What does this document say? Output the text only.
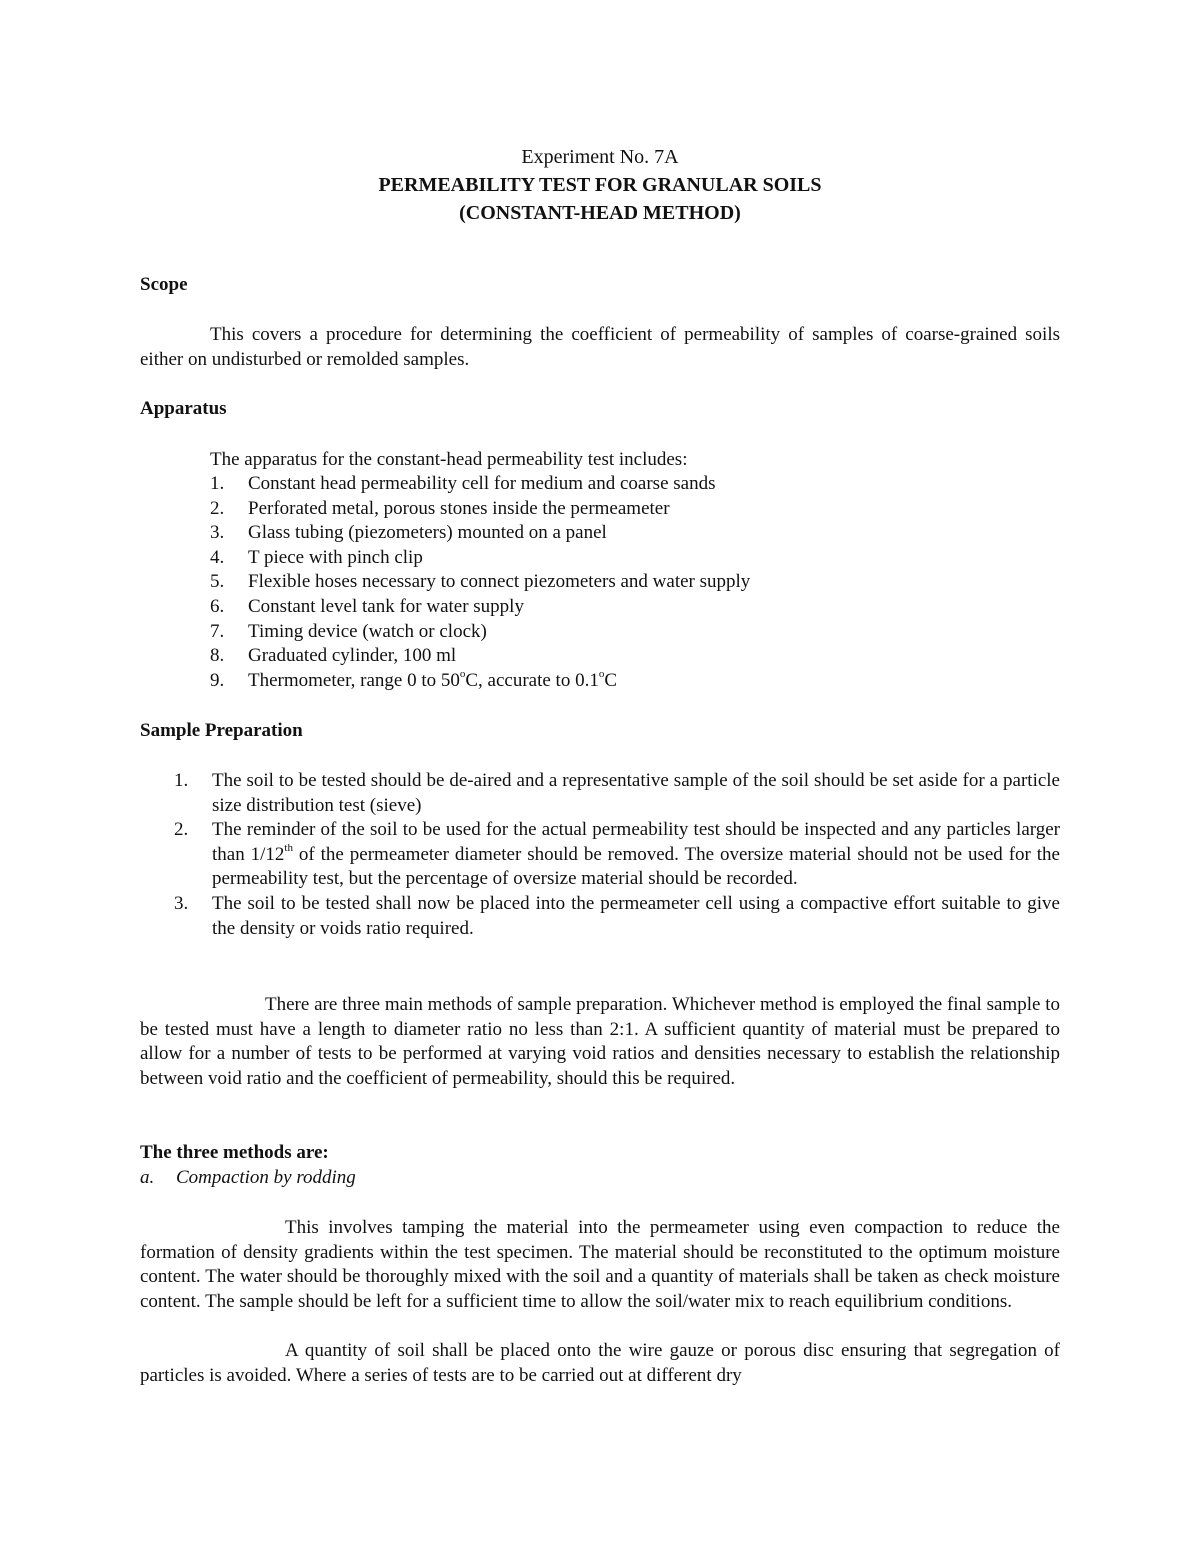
Experiment No. 7A
PERMEABILITY TEST FOR GRANULAR SOILS
(CONSTANT-HEAD METHOD)
Scope

This covers a procedure for determining the coefficient of permeability of samples of coarse-grained soils either on undisturbed or remolded samples.

Apparatus

The apparatus for the constant-head permeability test includes:

1. Constant head permeability cell for medium and coarse sands
2. Perforated metal, porous stones inside the permeameter
3. Glass tubing (piezometers) mounted on a panel
4. T piece with pinch clip
5. Flexible hoses necessary to connect piezometers and water supply
6. Constant level tank for water supply
7. Timing device (watch or clock)
8. Graduated cylinder, 100 ml
9. Thermometer, range 0 to 50$^o$C, accurate to 0.1$^o$C
Sample Preparation
1. The soil to be tested should be de-aired and a representative sample of the soil should be set aside for a particle size distribution test (sieve)
2. The reminder of the soil to be used for the actual permeability test should be inspected and any particles larger than 1/12th of the permeameter diameter should be removed. The oversize material should not be used for the permeability test, but the percentage of oversize material should be recorded.
3. The soil to be tested shall now be placed into the permeameter cell using a compactive effort suitable to give the density or voids ratio required.

There are three main methods of sample preparation. Whichever method is employed the final sample to be tested must have a length to diameter ratio no less than 2:1. A sufficient quantity of material must be prepared to allow for a number of tests to be performed at varying void ratios and densities necessary to establish the relationship between void ratio and the coefficient of permeability, should this be required.

The three methods are:
a. Compaction by rodding

This involves tamping the material into the permeameter using even compaction to reduce the formation of density gradients within the test specimen. The material should be reconstituted to the optimum moisture content. The water should be thoroughly mixed with the soil and a quantity of materials shall be taken as check moisture content. The sample should be left for a sufficient time to allow the soil/water mix to reach equilibrium conditions.

A quantity of soil shall be placed onto the wire gauze or porous disc ensuring that segregation of particles is avoided. Where a series of tests are to be carried out at different dry
